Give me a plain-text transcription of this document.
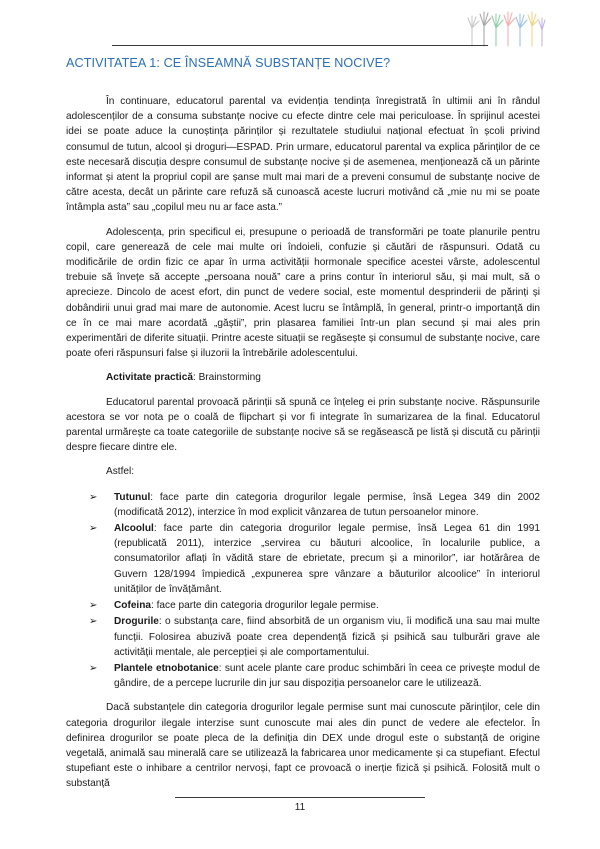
ACTIVITATEA 1: CE ÎNSEAMNĂ SUBSTANȚE NOCIVE?

În continuare, educatorul parental va evidenția tendința înregistrată în ultimii ani în rândul adolescenților de a consuma substanțe nocive cu efecte dintre cele mai periculoase. În sprijinul acestei idei se poate aduce la cunoștința părinților și rezultatele studiului național efectuat în școli privind consumul de tutun, alcool și droguri—ESPAD. Prin urmare, educatorul parental va explica părinților de ce este necesară discuția despre consumul de substanțe nocive și de asemenea, menționează că un părinte informat și atent la propriul copil are șanse mult mai mari de a preveni consumul de substanțe nocive de către acesta, decât un părinte care refuză să cunoască aceste lucruri motivând că „mie nu mi se poate întâmpla asta” sau „copilul meu nu ar face asta.”

Adolescența, prin specificul ei, presupune o perioadă de transformări pe toate planurile pentru copil, care generează de cele mai multe ori îndoieli, confuzie și căutări de răspunsuri. Odată cu modificările de ordin fizic ce apar în urma activității hormonale specifice acestei vârste, adolescentul trebuie să învețe să accepte „persoana nouă” care a prins contur în interiorul său, și mai mult, să o aprecieze. Dincolo de acest efort, din punct de vedere social, este momentul desprinderii de părinți și dobândirii unui grad mai mare de autonomie. Acest lucru se întâmplă, în general, printr-o importanță din ce în ce mai mare acordată „găștii”, prin plasarea familiei într-un plan secund și mai ales prin experimentări de diferite situații. Printre aceste situații se regăsește și consumul de substanțe nocive, care poate oferi răspunsuri false și iluzorii la întrebările adolescentului.

Activitate practică: Brainstorming

Educatorul parental provoacă părinții să spună ce înțeleg ei prin substanțe nocive. Răspunsurile acestora se vor nota pe o coală de flipchart și vor fi integrate în sumarizarea de la final. Educatorul parental urmărește ca toate categoriile de substanțe nocive să se regăsească pe listă și discută cu părinții despre fiecare dintre ele.

Astfel:
➢ Tutunul: face parte din categoria drogurilor legale permise, însă Legea 349 din 2002 (modificată 2012), interzice în mod explicit vânzarea de tutun persoanelor minore.
➢ Alcoolul: face parte din categoria drogurilor legale permise, însă Legea 61 din 1991 (republicată 2011), interzice „servirea cu băuturi alcoolice, în localurile publice, a consumatorilor aflați în vădită stare de ebrietate, precum și a minorilor”, iar hotărârea de Guvern 128/1994 împiedică „expunerea spre vânzare a băuturilor alcoolice” în interiorul unităților de învățământ.
➢ Cofeina: face parte din categoria drogurilor legale permise.
➢ Drogurile: o substanța care, fiind absorbită de un organism viu, îi modifică una sau mai multe funcții. Folosirea abuzivă poate crea dependență fizică și psihică sau tulburări grave ale activității mentale, ale percepției și ale comportamentului.
➢ Plantele etnobotanice: sunt acele plante care produc schimbări în ceea ce privește modul de gândire, de a percepe lucrurile din jur sau dispoziția persoanelor care le utilizează.

Dacă substanțele din categoria drogurilor legale permise sunt mai cunoscute părinților, cele din categoria drogurilor ilegale interzise sunt cunoscute mai ales din punct de vedere ale efectelor. În definirea drogurilor se poate pleca de la definiția din DEX unde drogul este o substanță de origine vegetală, animală sau minerală care se utilizează la fabricarea unor medicamente și ca stupefiant. Efectul stupefiant este o inhibare a centrilor nervoși, fapt ce provoacă o inerție fizică și psihică. Folosită mult o substanță

11
